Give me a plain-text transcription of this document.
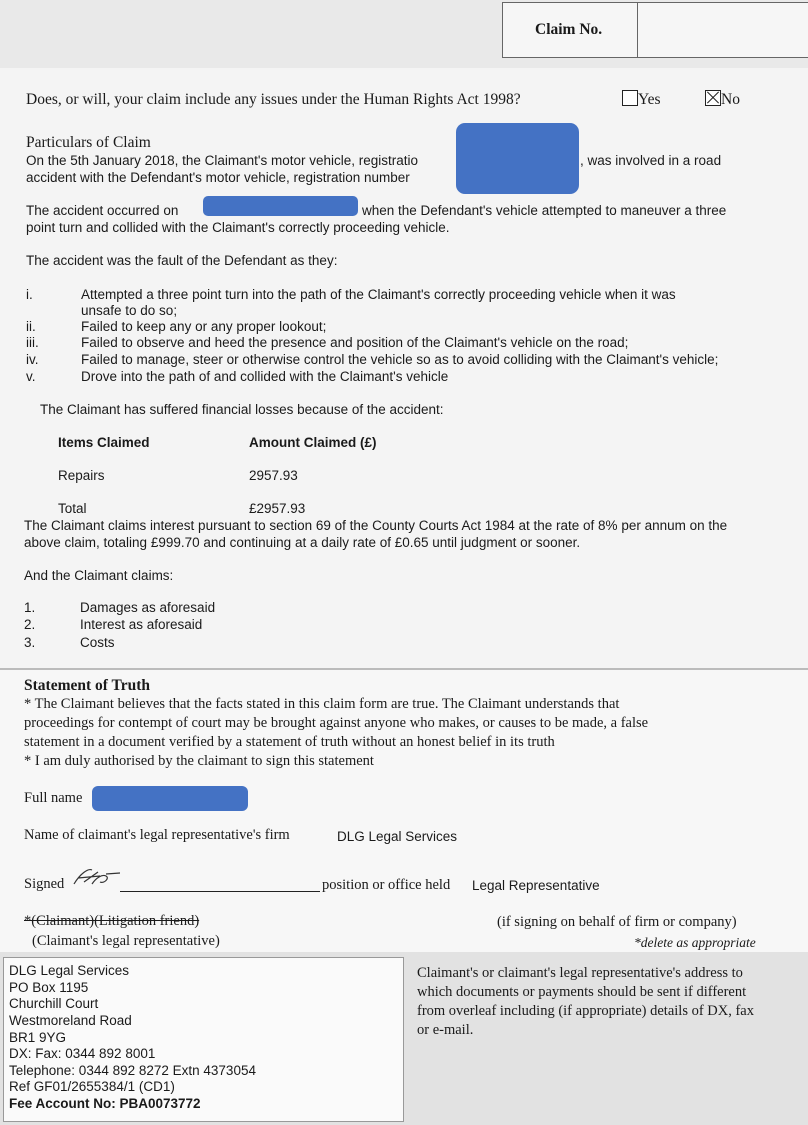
Claim No.
Does, or will, your claim include any issues under the Human Rights Act 1998?	Yes	No
Particulars of Claim
On the 5th January 2018, the Claimant's motor vehicle, registratio	, was involved in a road
accident with the Defendant's motor vehicle, registration number
The accident occurred on	when the Defendant's vehicle attempted to maneuver a three
point turn and collided with the Claimant's correctly proceeding vehicle.
The accident was the fault of the Defendant as they:
i.	Attempted a three point turn into the path of the Claimant's correctly proceeding vehicle when it was
unsafe to do so;
ii.	Failed to keep any or any proper lookout;
iii.	Failed to observe and heed the presence and position of the Claimant's vehicle on the road;
iv.	Failed to manage, steer or otherwise control the vehicle so as to avoid colliding with the Claimant's vehicle;
v.	Drove into the path of and collided with the Claimant's vehicle
The Claimant has suffered financial losses because of the accident:
Items Claimed	Amount Claimed (£)
Repairs	2957.93
Total	£2957.93
The Claimant claims interest pursuant to section 69 of the County Courts Act 1984 at the rate of 8% per annum on the
above claim, totaling £999.70 and continuing at a daily rate of £0.65 until judgment or sooner.
And the Claimant claims:
1.	Damages as aforesaid
2.	Interest as aforesaid
3.	Costs
Statement of Truth
* The Claimant believes that the facts stated in this claim form are true. The Claimant understands that
proceedings for contempt of court may be brought against anyone who makes, or causes to be made, a false
statement in a document verified by a statement of truth without an honest belief in its truth
* I am duly authorised by the claimant to sign this statement
Full name
Name of claimant's legal representative's firm	DLG Legal Services
Signed	position or office held Legal Representative
*(Claimant)(Litigation friend)
(Claimant's legal representative)
(if signing on behalf of firm or company)
*delete as appropriate
DLG Legal Services
PO Box 1195
Churchill Court
Westmoreland Road
BR1 9YG
DX: Fax: 0344 892 8001
Telephone: 0344 892 8272 Extn 4373054
Ref GF01/2655384/1 (CD1)
Fee Account No: PBA0073772
Claimant's or claimant's legal representative's address to
which documents or payments should be sent if different
from overleaf including (if appropriate) details of DX, fax
or e-mail.
